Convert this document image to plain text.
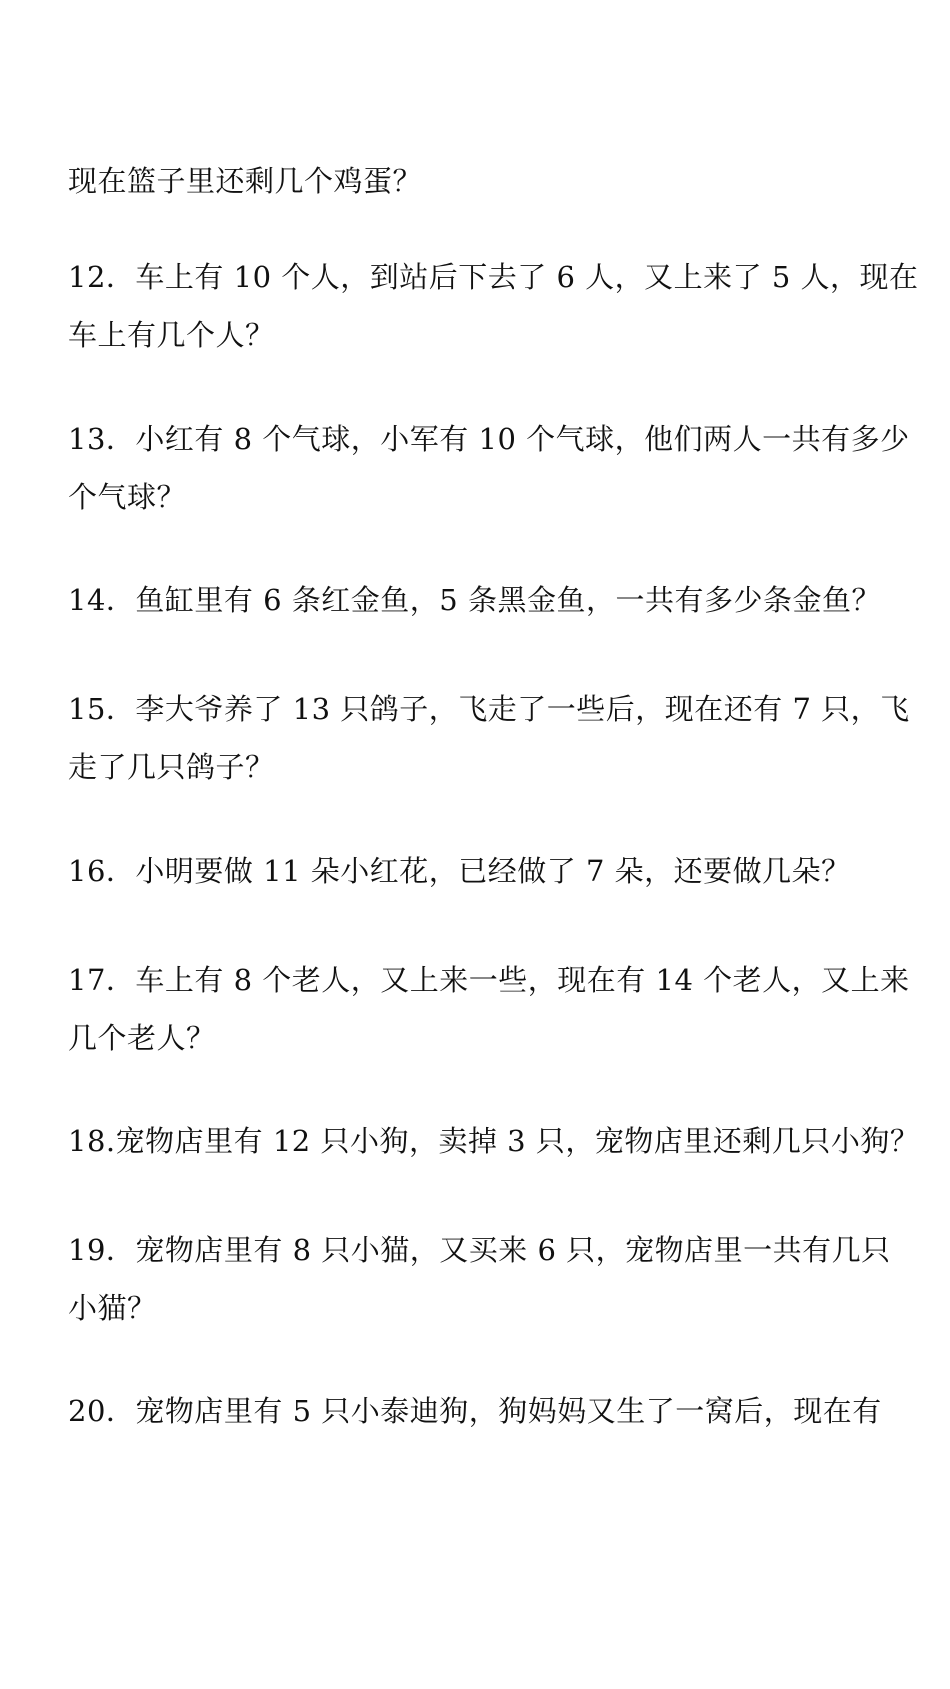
现在篮子里还剩几个鸡蛋？
12．车上有 10 个人，到站后下去了 6 人，又上来了 5 人，现在
车上有几个人？
13．小红有 8 个气球，小军有 10 个气球，他们两人一共有多少
个气球？
14．鱼缸里有 6 条红金鱼，5 条黑金鱼，一共有多少条金鱼？
15．李大爷养了 13 只鸽子，飞走了一些后，现在还有 7 只，飞
走了几只鸽子？
16．小明要做 11 朵小红花，已经做了 7 朵，还要做几朵？
17．车上有 8 个老人，又上来一些，现在有 14 个老人，又上来
几个老人？
18.宠物店里有 12 只小狗，卖掉 3 只，宠物店里还剩几只小狗？
19．宠物店里有 8 只小猫，又买来 6 只，宠物店里一共有几只
小猫？
20．宠物店里有 5 只小泰迪狗，狗妈妈又生了一窝后，现在有
